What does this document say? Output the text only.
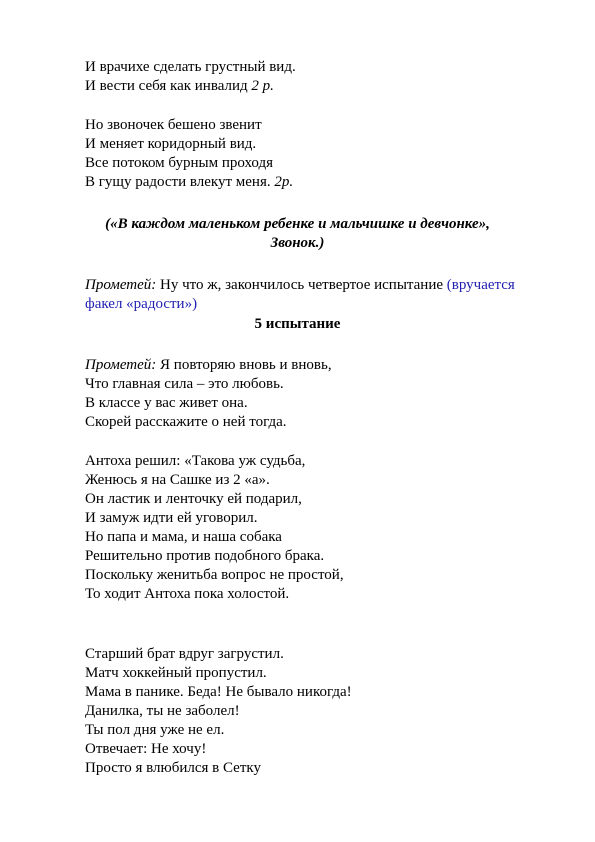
И врачихе сделать грустный вид.
И вести себя как инвалид 2 р.
Но звоночек бешено звенит
И меняет коридорный вид.
Все потоком бурным проходя
В гущу радости влекут меня. 2р.
(«В каждом маленьком ребенке и мальчишке и девчонке»,
Звонок.)
Прометей: Ну что ж, закончилось четвертое испытание (вручается
факел «радости»)
5 испытание
Прометей: Я повторяю вновь и вновь,
Что главная сила – это любовь.
В классе у вас живет она.
Скорей расскажите о ней тогда.
Антоха решил: «Такова уж судьба,
Женюсь я на Сашке из 2 «а».
Он ластик и ленточку ей подарил,
И замуж идти ей уговорил.
Но папа и мама, и наша собака
Решительно против подобного брака.
Поскольку женитьба вопрос не простой,
То ходит Антоха пока холостой.
Старший брат вдруг загрустил.
Матч хоккейный пропустил.
Мама в панике. Беда! Не бывало никогда!
Данилка, ты не заболел!
Ты пол дня уже не ел.
Отвечает: Не хочу!
Просто я влюбился в Сетку
